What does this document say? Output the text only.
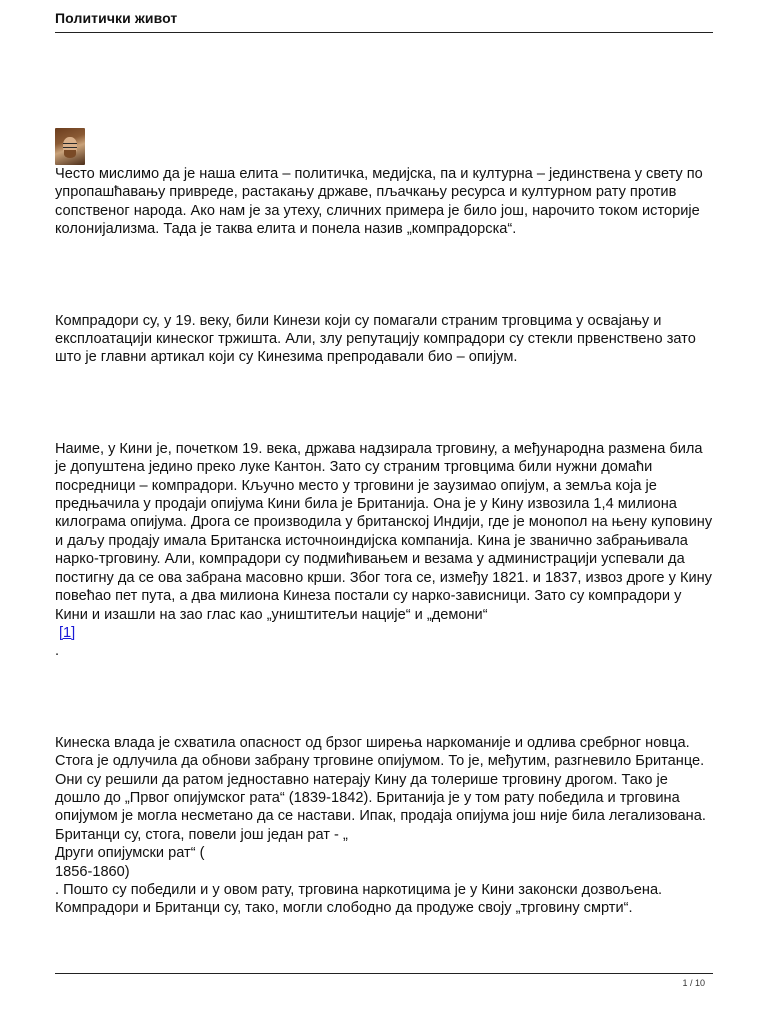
Политички живот

Често мислимо да је наша елита – политичка, медијска, па и културна – јединствена у свету по упропашћавању привреде, растакању државе, пљачкању ресурса и културном рату против сопственог народа. Ако нам је за утеху, сличних примера је било још, нарочито током историје колонијализма. Тада је таква елита и понела назив „компрадорска“.

Компрадори су, у 19. веку, били Кинези који су помагали страним трговцима у освајању и експлоатацији кинеског тржишта. Али, злу репутацију компрадори су стекли првенствено зато што је главни артикал који су Кинезима препродавали био – опијум.

Наиме, у Кини је, почетком 19. века, држава надзирала трговину, а међународна размена била је допуштена једино преко луке Кантон. Зато су страним трговцима били нужни домаћи посредници – компрадори. Кључно место у трговини је заузимао опијум, а земља која је предњачила у продаји опијума Кини била је Британија. Она је у Кину извозила 1,4 милиона килограма опијума. Дрога се производила у британској Индији, где је монопол на њену куповину и даљу продају имала Британска источноиндијска компанија. Кина је званично забрањивала нарко-трговину. Али, компрадори су подмићивањем и везама у администрацији успевали да постигну да се ова забрана масовно крши. Због тога се, између 1821. и 1837, извоз дроге у Кину повећао пет пута, а два милиона Кинеза постали су нарко-зависници. Зато су компрадори у Кини и изашли на зао глас као „уништитељи нације“ и „демони“
[1]
.

Кинеска влада је схватила опасност од брзог ширења наркоманије и одлива сребрног новца. Стога је одлучила да обнови забрану трговине опијумом. То је, међутим, разгневило Британце. Они су решили да ратом једноставно натерају Кину да толерише трговину дрогом. Тако је дошло до „Првог опијумског рата“ (1839-1842). Британија је у том рату победила и трговина опијумом је могла несметано да се настави. Ипак, продаја опијума још није била легализована. Британци су, стога, повели још један рат - „
Други опијумски рат“ (
1856-1860)
. Пошто су победили и у овом рату, трговина наркотицима је у Кини законски дозвољена. Компрадори и Британци су, тако, могли слободно да продуже своју „трговину смрти“.

1 / 10
